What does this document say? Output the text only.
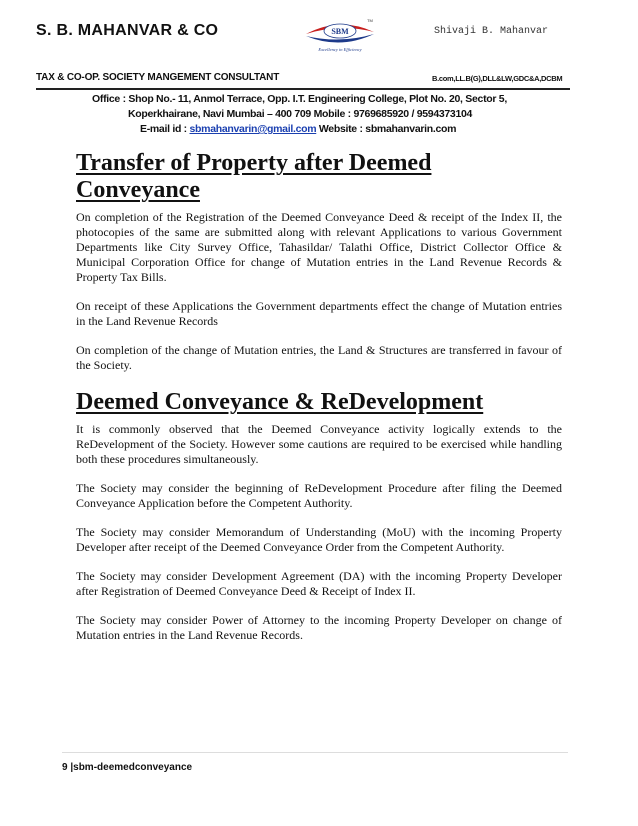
S. B. MAHANVAR & CO	SBM
Excellency in Efficiency
TM
Shivaji B. Mahanvar
TAX & CO-OP. SOCIETY MANGEMENT CONSULTANT	B.com,LL.B(G),DLL&LW,GDC&A,DCBM
Office : Shop No.- 11, Anmol Terrace, Opp. I.T. Engineering College, Plot No. 20, Sector 5,
Koperkhairane, Navi Mumbai – 400 709 Mobile : 9769685920 / 9594373104
E-mail id : sbmahanvarin@gmail.com Website : sbmahanvarin.com
Transfer of Property after Deemed
Conveyance

On completion of the Registration of the Deemed Conveyance Deed & receipt of the Index II, the photocopies of the same are submitted along with relevant Applications to various Government Departments like City Survey Office, Tahasildar/ Talathi Office, District Collector Office & Municipal Corporation Office for change of Mutation entries in the Land Revenue Records & Property Tax Bills.

On receipt of these Applications the Government departments effect the change of Mutation entries in the Land Revenue Records

On completion of the change of Mutation entries, the Land & Structures are transferred in favour of the Society.

Deemed Conveyance & ReDevelopment

It is commonly observed that the Deemed Conveyance activity logically extends to the ReDevelopment of the Society. However some cautions are required to be exercised while handling both these procedures simultaneously.

The Society may consider the beginning of ReDevelopment Procedure after filing the Deemed Conveyance Application before the Competent Authority.

The Society may consider Memorandum of Understanding (MoU) with the incoming Property Developer after receipt of the Deemed Conveyance Order from the Competent Authority.

The Society may consider Development Agreement (DA) with the incoming Property Developer after Registration of Deemed Conveyance Deed & Receipt of Index II.

The Society may consider Power of Attorney to the incoming Property Developer on change of Mutation entries in the Land Revenue Records.

9 |sbm-deemedconveyance
